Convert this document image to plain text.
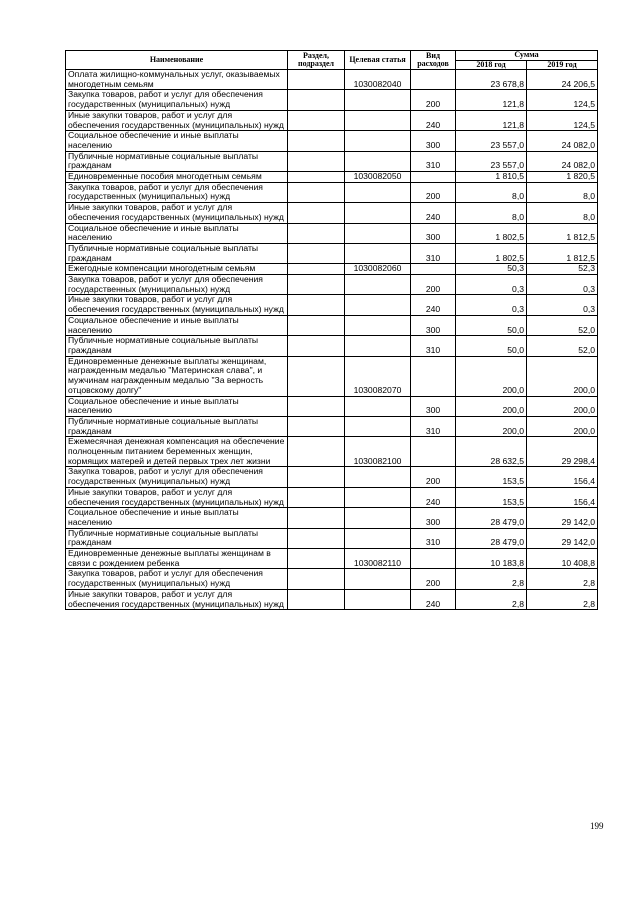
Наименование	Раздел, подраздел	Целевая статья	Вид расходов	Сумма	
				2018 год	2019 год
Оплата жилищно-коммунальных услуг, оказываемых многодетным семьям		1030082040		23 678,8	24 206,5
Закупка товаров, работ и услуг для обеспечения государственных (муниципальных) нужд			200	121,8	124,5
Иные закупки товаров, работ и услуг для обеспечения государственных (муниципальных) нужд			240	121,8	124,5
Социальное обеспечение и иные выплаты населению			300	23 557,0	24 082,0
Публичные нормативные социальные выплаты гражданам			310	23 557,0	24 082,0
Единовременные пособия многодетным семьям		1030082050		1 810,5	1 820,5
Закупка товаров, работ и услуг для обеспечения государственных (муниципальных) нужд			200	8,0	8,0
Иные закупки товаров, работ и услуг для обеспечения государственных (муниципальных) нужд			240	8,0	8,0
Социальное обеспечение и иные выплаты населению			300	1 802,5	1 812,5
Публичные нормативные социальные выплаты гражданам			310	1 802,5	1 812,5
Ежегодные компенсации многодетным семьям		1030082060		50,3	52,3
Закупка товаров, работ и услуг для обеспечения государственных (муниципальных) нужд			200	0,3	0,3
Иные закупки товаров, работ и услуг для обеспечения государственных (муниципальных) нужд			240	0,3	0,3
Социальное обеспечение и иные выплаты населению			300	50,0	52,0
Публичные нормативные социальные выплаты гражданам			310	50,0	52,0
Единовременные денежные выплаты женщинам, награжденным медалью "Материнская слава", и мужчинам награжденным медалью "За верность отцовскому долгу"		1030082070		200,0	200,0
Социальное обеспечение и иные выплаты населению			300	200,0	200,0
Публичные нормативные социальные выплаты гражданам			310	200,0	200,0
Ежемесячная денежная компенсация на обеспечение полноценным питанием беременных женщин, кормящих матерей и детей первых трех лет жизни		1030082100		28 632,5	29 298,4
Закупка товаров, работ и услуг для обеспечения государственных (муниципальных) нужд			200	153,5	156,4
Иные закупки товаров, работ и услуг для обеспечения государственных (муниципальных) нужд			240	153,5	156,4
Социальное обеспечение и иные выплаты населению			300	28 479,0	29 142,0
Публичные нормативные социальные выплаты гражданам			310	28 479,0	29 142,0
Единовременные денежные выплаты женщинам в связи с рождением ребенка		1030082110		10 183,8	10 408,8
Закупка товаров, работ и услуг для обеспечения государственных (муниципальных) нужд			200	2,8	2,8
Иные закупки товаров, работ и услуг для обеспечения государственных (муниципальных) нужд			240	2,8	2,8
199
